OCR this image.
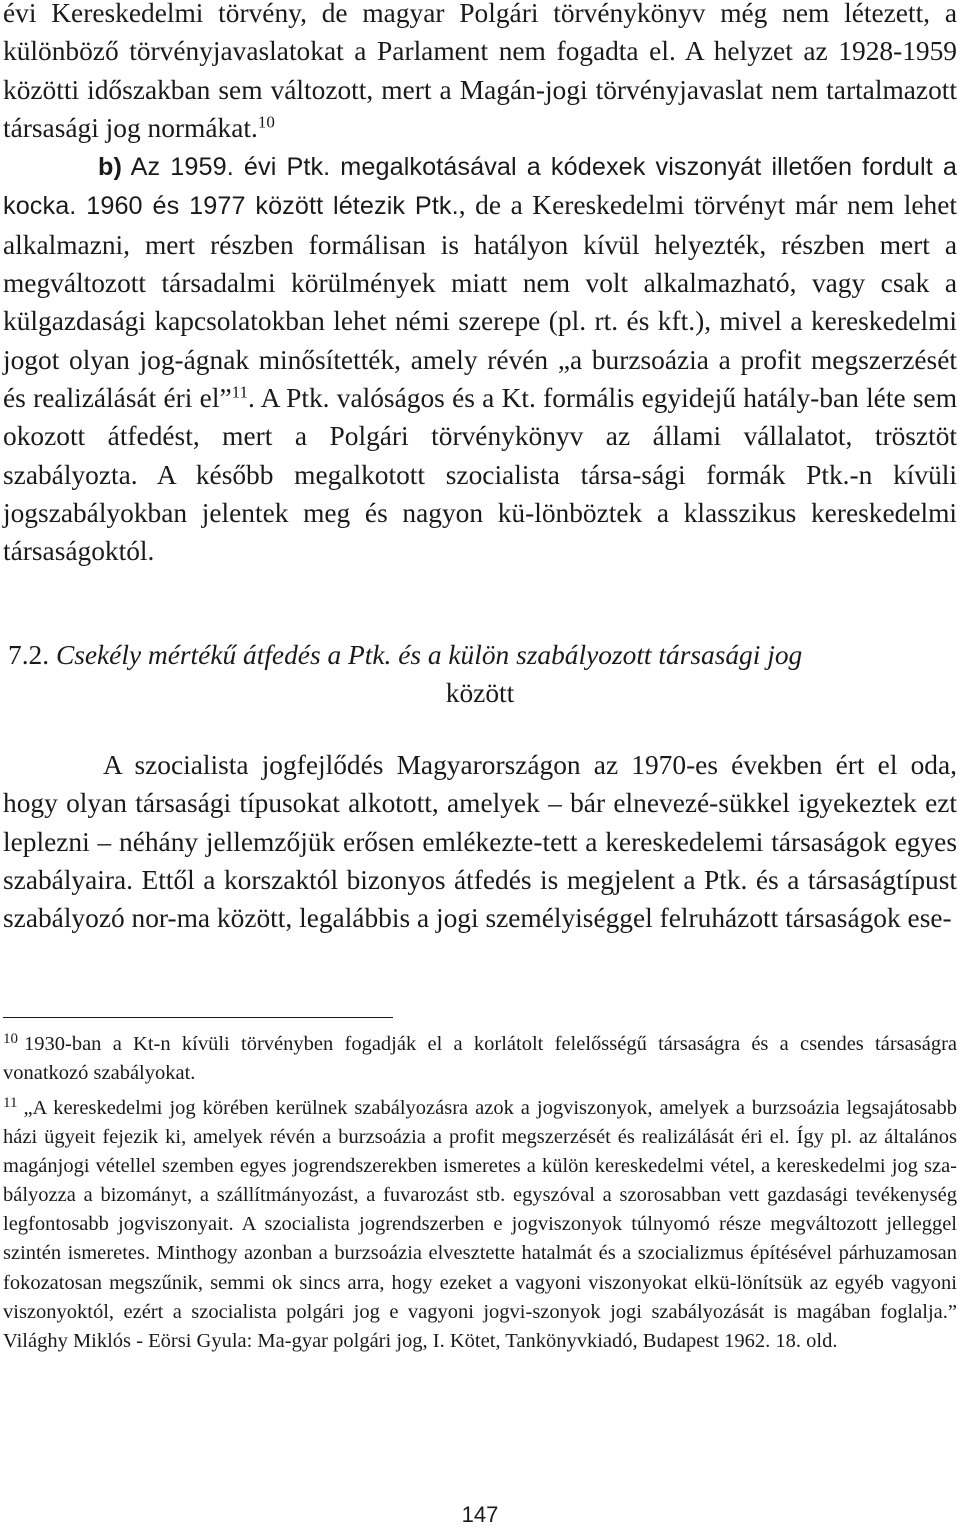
évi Kereskedelmi törvény, de magyar Polgári törvénykönyv még nem létezett, a különböző törvényjavaslatokat a Parlament nem fogadta el. A helyzet az 1928-1959 közötti időszakban sem változott, mert a Magán-jogi törvényjavaslat nem tartalmazott társasági jog normákat.$^{10}$

b) Az 1959. évi Ptk. megalkotásával a kódexek viszonyát illetően fordult a kocka. 1960 és 1977 között létezik Ptk., de a Kereskedelmi törvényt már nem lehet alkalmazni, mert részben formálisan is hatályon kívül helyezték, részben mert a megváltozott társadalmi körülmények miatt nem volt alkalmazható, vagy csak a külgazdasági kapcsolatokban lehet némi szerepe (pl. rt. és kft.), mivel a kereskedelmi jogot olyan jog-ágnak minősítették, amely révén „a burzsoázia a profit megszerzését és realizálását éri el”$^{11}$. A Ptk. valóságos és a Kt. formális egyidejű hatály-ban léte sem okozott átfedést, mert a Polgári törvénykönyv az állami vállalatot, trösztöt szabályozta. A később megalkotott szocialista társa-sági formák Ptk.-n kívüli jogszabályokban jelentek meg és nagyon kü-lönböztek a klasszikus kereskedelmi társaságoktól.

7.2. Csekély mértékű átfedés a Ptk. és a külön szabályozott társasági jog
között

A szocialista jogfejlődés Magyarországon az 1970-es években ért el oda, hogy olyan társasági típusokat alkotott, amelyek – bár elnevezé-sükkel igyekeztek ezt leplezni – néhány jellemzőjük erősen emlékezte-tett a kereskedelemi társaságok egyes szabályaira. Ettől a korszaktól bizonyos átfedés is megjelent a Ptk. és a társaságtípust szabályozó nor-ma között, legalábbis a jogi személyiséggel felruházott társaságok ese-

$^{10}$ 1930-ban a Kt-n kívüli törvényben fogadják el a korlátolt felelősségű társaságra és a csendes társaságra vonatkozó szabályokat.

$^{11}$ „A kereskedelmi jog körében kerülnek szabályozásra azok a jogviszonyok, amelyek a burzsoázia legsajátosabb házi ügyeit fejezik ki, amelyek révén a burzsoázia a profit megszerzését és realizálását éri el. Így pl. az általános magánjogi vétellel szemben egyes jogrendszerekben ismeretes a külön kereskedelmi vétel, a kereskedelmi jog sza-bályozza a bizományt, a szállítmányozást, a fuvarozást stb. egyszóval a szorosabban vett gazdasági tevékenység legfontosabb jogviszonyait. A szocialista jogrendszerben e jogviszonyok túlnyomó része megváltozott jelleggel szintén ismeretes. Minthogy azonban a burzsoázia elvesztette hatalmát és a szocializmus építésével párhuzamosan fokozatosan megszűnik, semmi ok sincs arra, hogy ezeket a vagyoni viszonyokat elkü-lönítsük az egyéb vagyoni viszonyoktól, ezért a szocialista polgári jog e vagyoni jogvi-szonyok jogi szabályozását is magában foglalja.” Világhy Miklós - Eörsi Gyula: Ma-gyar polgári jog, I. Kötet, Tankönyvkiadó, Budapest 1962. 18. old.

147
